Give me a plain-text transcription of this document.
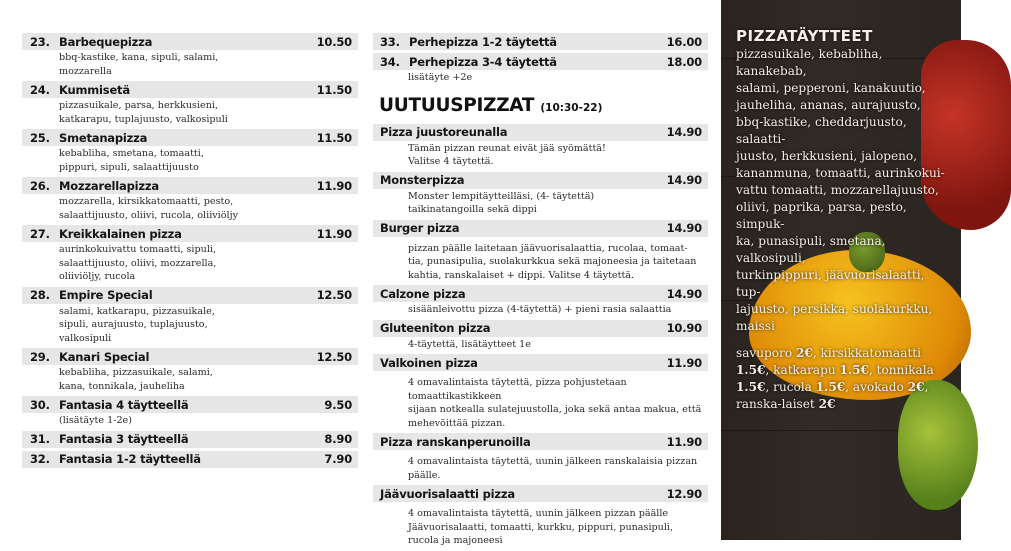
23. Barbequepizza	10.50
bbq-kastike, kana, sipuli, salami,
mozzarella
24. Kummisetä	11.50
pizzasuikale, parsa, herkkusieni,
katkarapu, tuplajuusto, valkosipuli
25. Smetanapizza	11.50
kebabliha, smetana, tomaatti,
pippuri, sipuli, salaattijuusto
26. Mozzarellapizza	11.90
mozzarella, kirsikkatomaatti, pesto,
salaattijuusto, oliivi, rucola, oliiviöljy
27. Kreikkalainen pizza	11.90
aurinkokuivattu tomaatti, sipuli,
salaattijuusto, oliivi, mozzarella,
oliiviöljy, rucola
28. Empire Special	12.50
salami, katkarapu, pizzasuikale,
sipuli, aurajuusto, tuplajuusto,
valkosipuli
29. Kanari Special	12.50
kebabliha, pizzasuikale, salami,
kana, tonnikala, jauheliha
30. Fantasia 4 täytteellä	9.50
(lisätäyte 1-2e)
31. Fantasia 3 täytteellä	8.90
32. Fantasia 1-2 täytteellä	7.90
33. Perhepizza 1-2 täytettä	16.00
34. Perhepizza 3-4 täytettä	18.00
lisätäyte +2e
UUTUUSPIZZAT (10:30-22)
Pizza juustoreunalla	14.90
Tämän pizzan reunat eivät jää syömättä!
Valitse 4 täytettä.
Monsterpizza	14.90
Monster lempitäytteilläsi, (4- täytettä)
taikinatangoilla sekä dippi
Burger pizza	14.90
pizzan päälle laitetaan jäävuorisalaattia, rucolaa, tomaat-
tia, punasipulia, suolakurkkua sekä majoneesia ja taitetaan
kahtia, ranskalaiset + dippi. Valitse 4 täytettä.
Calzone pizza	14.90
sisäänleivottu pizza (4-täytettä) + pieni rasia salaattia
Gluteeniton pizza	10.90
4-täytettä, lisätäytteet 1e
Valkoinen pizza	11.90
4 omavalintaista täytettä, pizza pohjustetaan tomaattikastikkeen
sijaan notkealla sulatejuustolla, joka sekä antaa makua, että
mehevöittää pizzan.
Pizza ranskanperunoilla	11.90
4 omavalintaista täytettä, uunin jälkeen ranskalaisia pizzan päälle.
Jäävuorisalaatti pizza	12.90
4 omavalintaista täytettä, uunin jälkeen pizzan päälle
Jäävuorisalaatti, tomaatti, kurkku, pippuri, punasipuli,
rucola ja majoneesi
PIZZATÄYTTEET
pizzasuikale, kebabliha, kanakebab,
salami, pepperoni, kanakuutio,
jauheliha, ananas, aurajuusto,
bbq-kastike, cheddarjuusto, salaatti-
juusto, herkkusieni, jalopeno,
kananmuna, tomaatti, aurinkokui-
vattu tomaatti, mozzarellajuusto,
oliivi, paprika, parsa, pesto, simpuk-
ka, punasipuli, smetana, valkosipuli,
turkinpippuri, jäävuorisalaatti, tup-
lajuusto, persikka, suolakurkku,
maissi
savuporo 2€, kirsikkatomaatti 1.5€, katkarapu 1.5€, tonnikala 1.5€, rucola 1.5€, avokado 2€, ranska-laiset 2€
